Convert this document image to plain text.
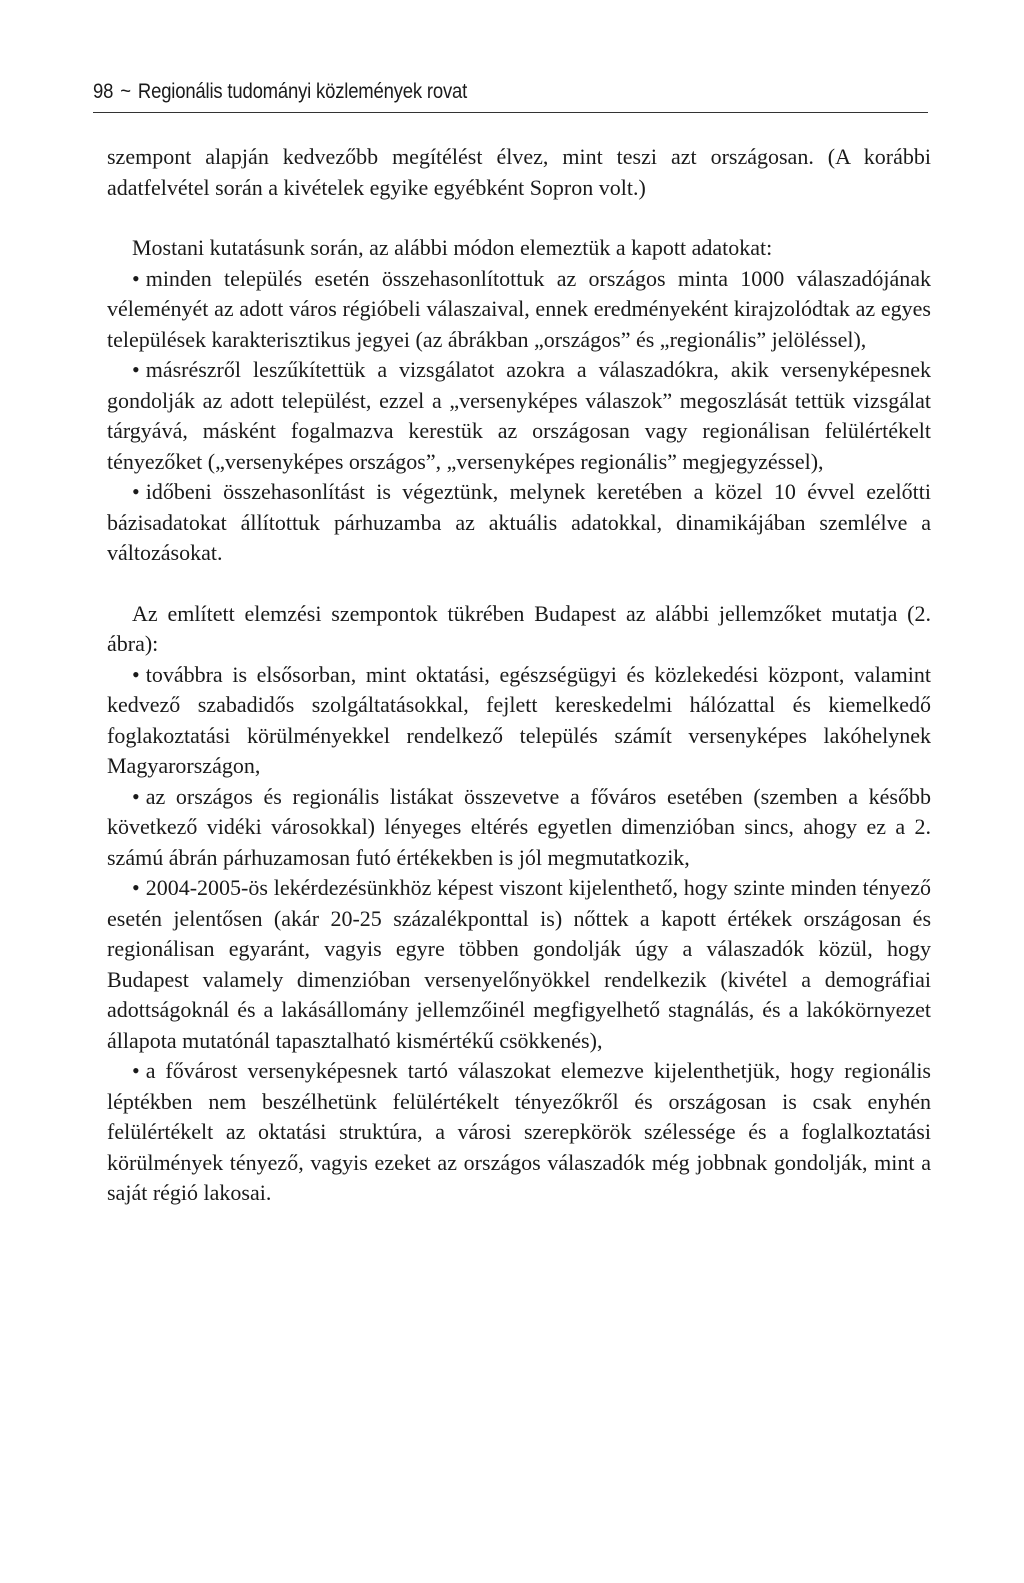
98 ~ Regionális tudományi közlemények rovat

szempont alapján kedvezőbb megítélést élvez, mint teszi azt országosan. (A korábbi adatfelvétel során a kivételek egyike egyébként Sopron volt.)

Mostani kutatásunk során, az alábbi módon elemeztük a kapott adatokat:

• minden település esetén összehasonlítottuk az országos minta 1000 válaszadójának véleményét az adott város régióbeli válaszaival, ennek eredményeként kirajzolódtak az egyes települések karakterisztikus jegyei (az ábrákban „országos” és „regionális” jelöléssel),

• másrészről leszűkítettük a vizsgálatot azokra a válaszadókra, akik versenyképesnek gondolják az adott települést, ezzel a „versenyképes válaszok” megoszlását tettük vizsgálat tárgyává, másként fogalmazva kerestük az országosan vagy regionálisan felülértékelt tényezőket („versenyképes országos”, „versenyképes regionális” megjegyzéssel),

• időbeni összehasonlítást is végeztünk, melynek keretében a közel 10 évvel ezelőtti bázisadatokat állítottuk párhuzamba az aktuális adatokkal, dinamikájában szemlélve a változásokat.

Az említett elemzési szempontok tükrében Budapest az alábbi jellemzőket mutatja (2. ábra):

• továbbra is elsősorban, mint oktatási, egészségügyi és közlekedési központ, valamint kedvező szabadidős szolgáltatásokkal, fejlett kereskedelmi hálózattal és kiemelkedő foglakoztatási körülményekkel rendelkező település számít versenyképes lakóhelynek Magyarországon,

• az országos és regionális listákat összevetve a főváros esetében (szemben a később következő vidéki városokkal) lényeges eltérés egyetlen dimenzióban sincs, ahogy ez a 2. számú ábrán párhuzamosan futó értékekben is jól megmutatkozik,

• 2004-2005-ös lekérdezésünkhöz képest viszont kijelenthető, hogy szinte minden tényező esetén jelentősen (akár 20-25 százalékponttal is) nőttek a kapott értékek országosan és regionálisan egyaránt, vagyis egyre többen gondolják úgy a válaszadók közül, hogy Budapest valamely dimenzióban versenyelőnyökkel rendelkezik (kivétel a demográfiai adottságoknál és a lakásállomány jellemzőinél megfigyelhető stagnálás, és a lakókörnyezet állapota mutatónál tapasztalható kismértékű csökkenés),

• a fővárost versenyképesnek tartó válaszokat elemezve kijelenthetjük, hogy regionális léptékben nem beszélhetünk felülértékelt tényezőkről és országosan is csak enyhén felülértékelt az oktatási struktúra, a városi szerepkörök szélessége és a foglalkoztatási körülmények tényező, vagyis ezeket az országos válaszadók még jobbnak gondolják, mint a saját régió lakosai.
